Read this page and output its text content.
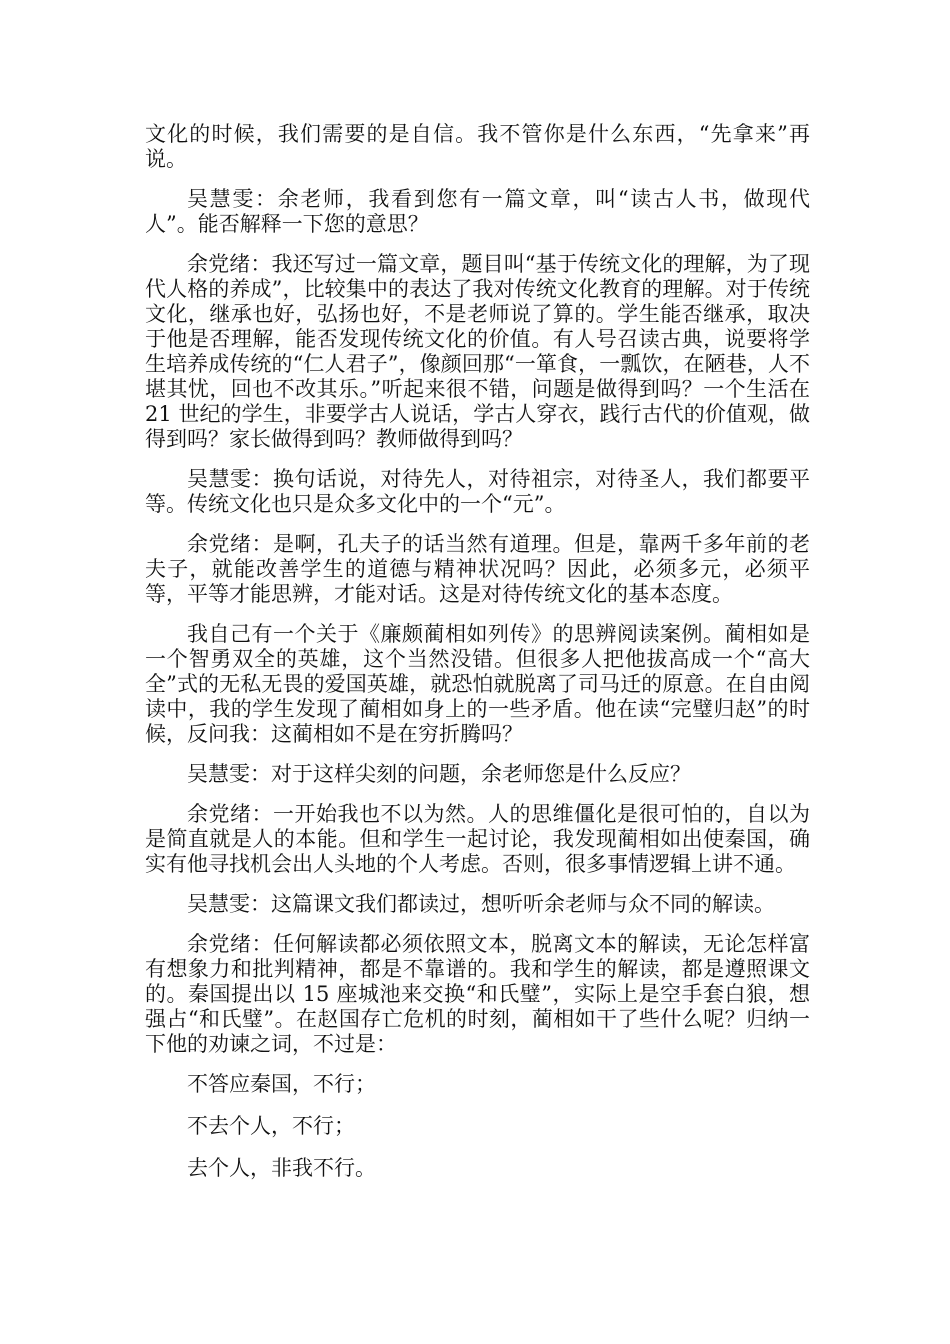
文化的时候，我们需要的是自信。我不管你是什么东西，“先拿来”再说。

吴慧雯：余老师，我看到您有一篇文章，叫“读古人书，做现代人”。能否解释一下您的意思？

余党绪：我还写过一篇文章，题目叫“基于传统文化的理解，为了现代人格的养成”，比较集中的表达了我对传统文化教育的理解。对于传统文化，继承也好，弘扬也好，不是老师说了算的。学生能否继承，取决于他是否理解，能否发现传统文化的价值。有人号召读古典，说要将学生培养成传统的“仁人君子”，像颜回那“一箪食，一瓢饮，在陋巷，人不堪其忧，回也不改其乐。”听起来很不错，问题是做得到吗？一个生活在 21 世纪的学生，非要学古人说话，学古人穿衣，践行古代的价值观，做得到吗？家长做得到吗？教师做得到吗？

吴慧雯：换句话说，对待先人，对待祖宗，对待圣人，我们都要平等。传统文化也只是众多文化中的一个“元”。

余党绪：是啊，孔夫子的话当然有道理。但是，靠两千多年前的老夫子，就能改善学生的道德与精神状况吗？因此，必须多元，必须平等，平等才能思辨，才能对话。这是对待传统文化的基本态度。

我自己有一个关于《廉颇蔺相如列传》的思辨阅读案例。蔺相如是一个智勇双全的英雄，这个当然没错。但很多人把他拔高成一个“高大全”式的无私无畏的爱国英雄，就恐怕就脱离了司马迁的原意。在自由阅读中，我的学生发现了蔺相如身上的一些矛盾。他在读“完璧归赵”的时候，反问我：这蔺相如不是在穷折腾吗？

吴慧雯：对于这样尖刻的问题，余老师您是什么反应？

余党绪：一开始我也不以为然。人的思维僵化是很可怕的，自以为是简直就是人的本能。但和学生一起讨论，我发现蔺相如出使秦国，确实有他寻找机会出人头地的个人考虑。否则，很多事情逻辑上讲不通。

吴慧雯：这篇课文我们都读过，想听听余老师与众不同的解读。

余党绪：任何解读都必须依照文本，脱离文本的解读，无论怎样富有想象力和批判精神，都是不靠谱的。我和学生的解读，都是遵照课文的。秦国提出以 15 座城池来交换“和氏璧”，实际上是空手套白狼，想强占“和氏璧”。在赵国存亡危机的时刻，蔺相如干了些什么呢？归纳一下他的劝谏之词，不过是：

不答应秦国，不行；

不去个人，不行；

去个人，非我不行。
